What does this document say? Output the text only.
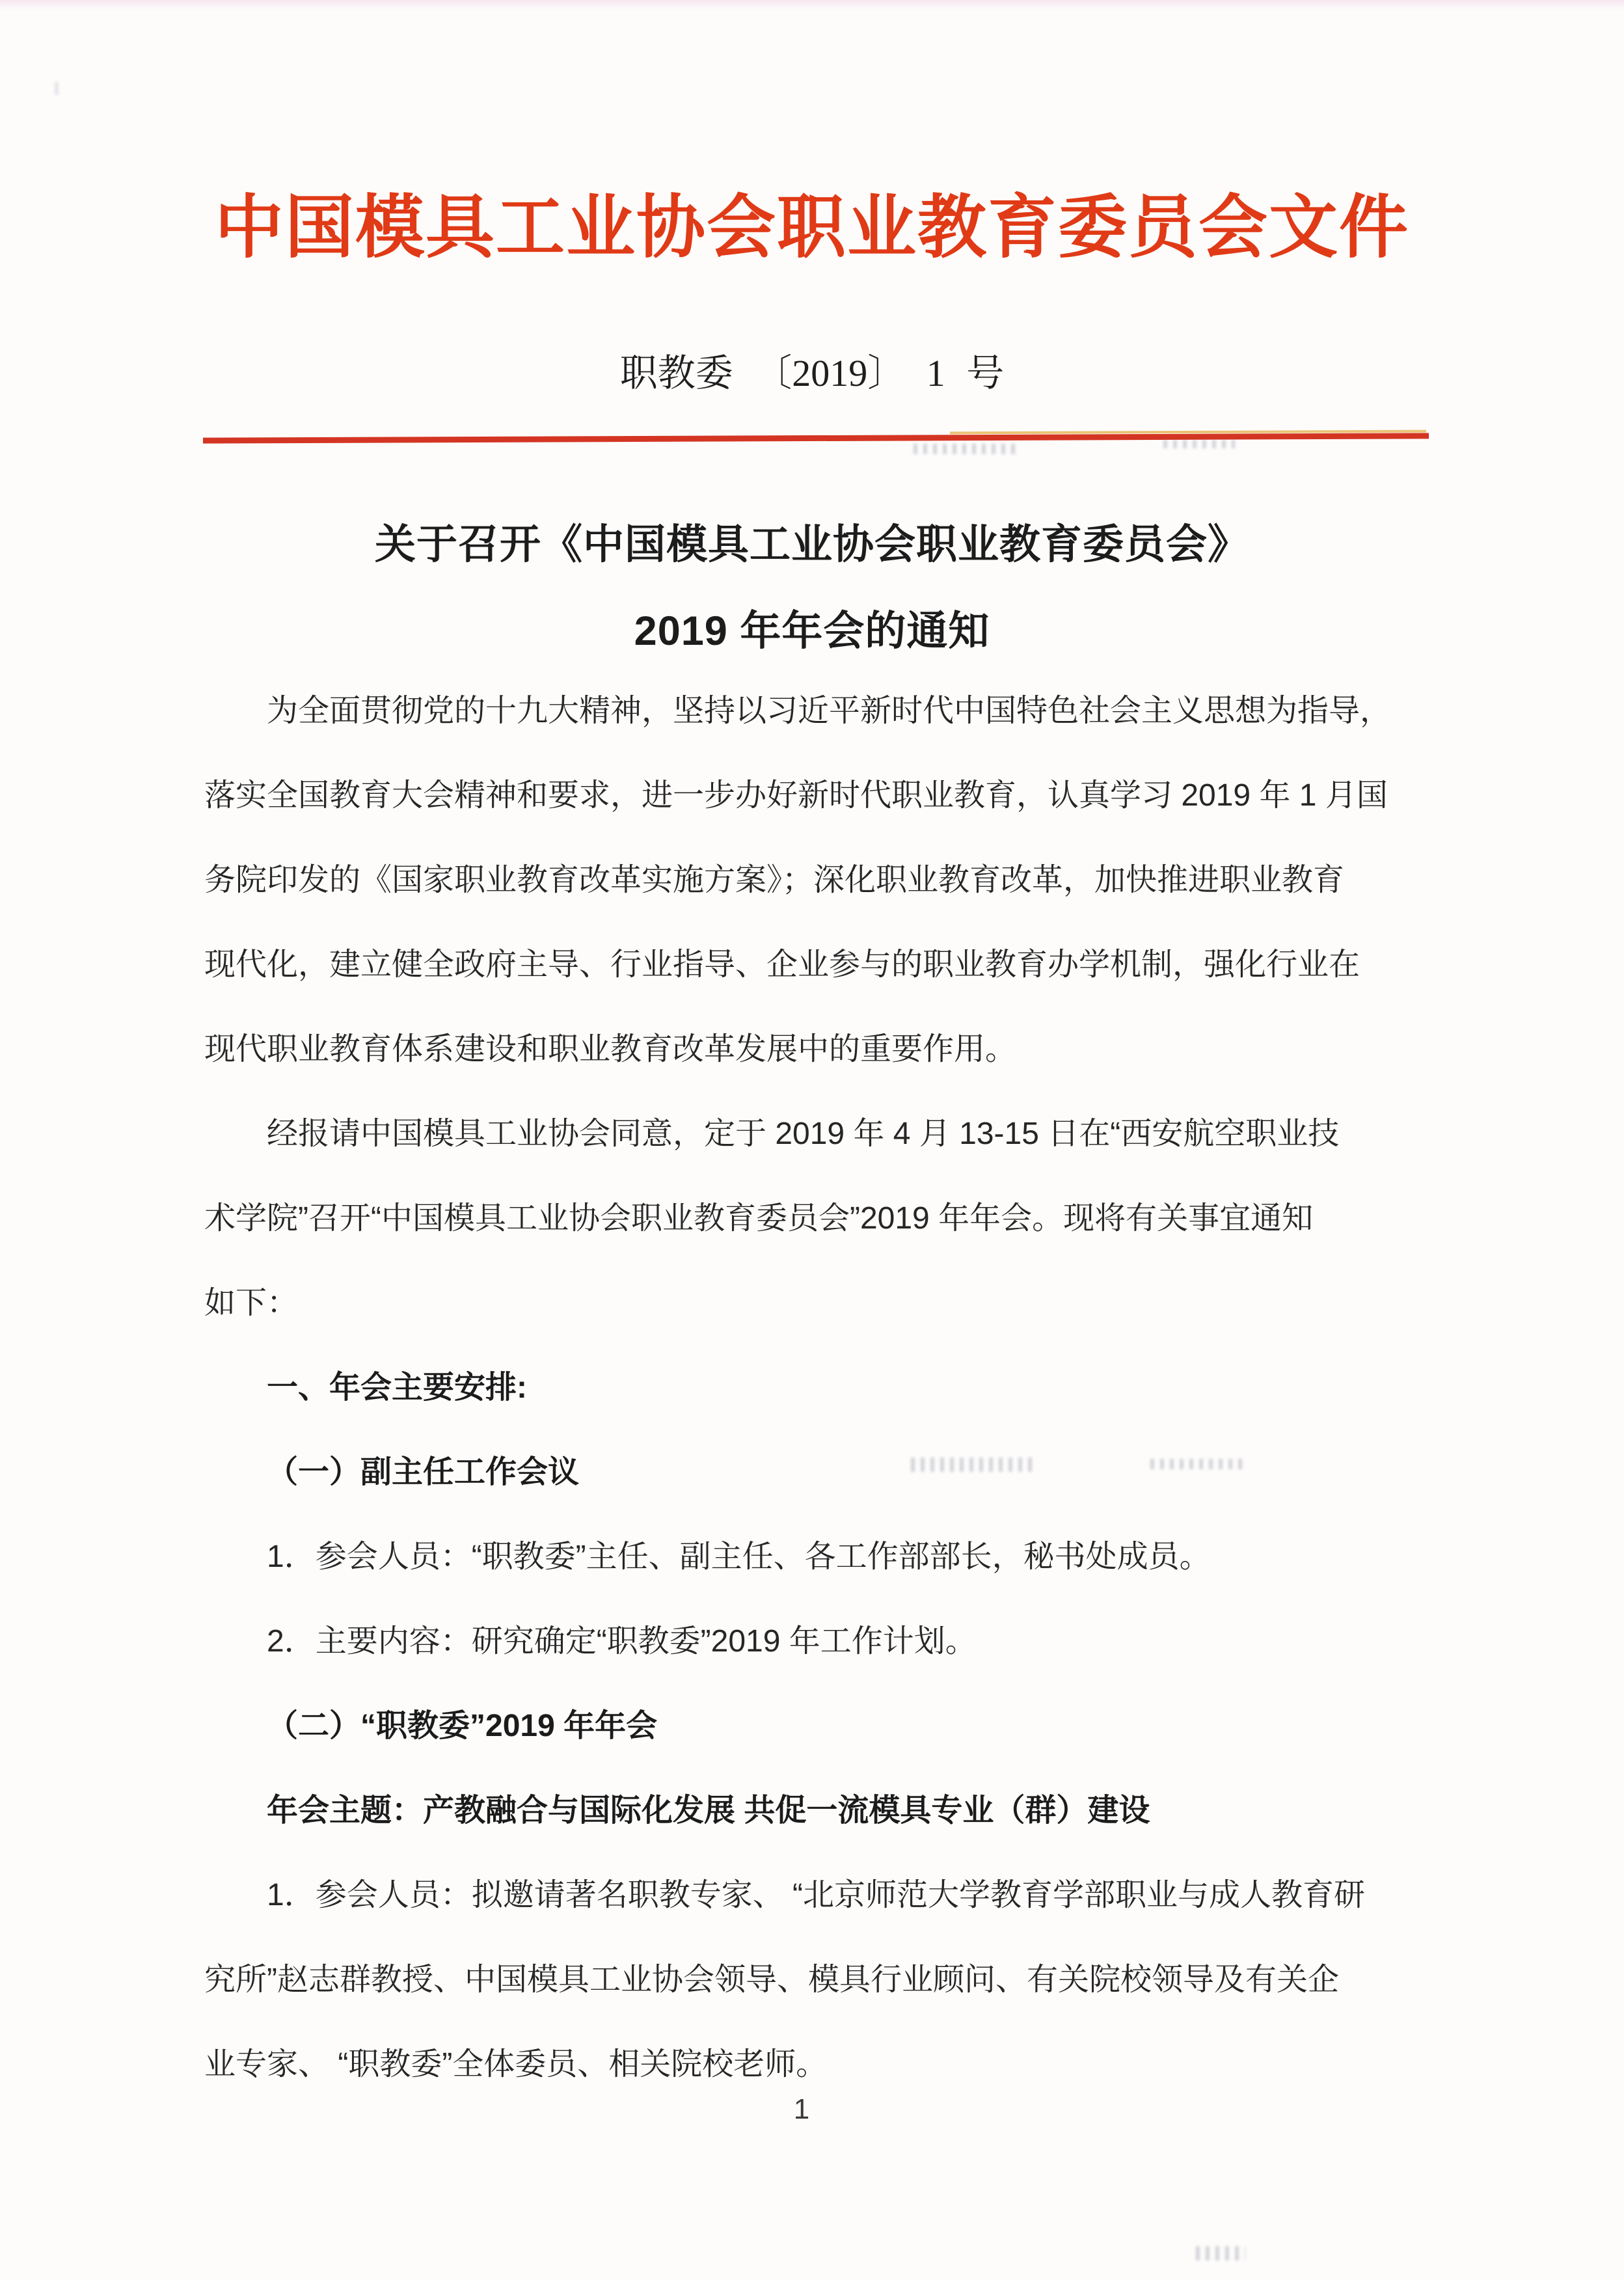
中国模具工业协会职业教育委员会文件
职教委 〔2019〕 1 号
关于召开《中国模具工业协会职业教育委员会》
2019 年年会的通知
为全面贯彻党的十九大精神，坚持以习近平新时代中国特色社会主义思想为指导，
落实全国教育大会精神和要求，进一步办好新时代职业教育，认真学习 2019 年 1 月国
务院印发的《国家职业教育改革实施方案》；深化职业教育改革，加快推进职业教育
现代化，建立健全政府主导、行业指导、企业参与的职业教育办学机制，强化行业在
现代职业教育体系建设和职业教育改革发展中的重要作用。
经报请中国模具工业协会同意，定于 2019 年 4 月 13-15 日在“西安航空职业技
术学院”召开“中国模具工业协会职业教育委员会”2019 年年会。现将有关事宜通知
如下：
一、年会主要安排:
（一）副主任工作会议
1．参会人员：“职教委”主任、副主任、各工作部部长，秘书处成员。
2．主要内容：研究确定“职教委”2019 年工作计划。
（二）“职教委”2019 年年会
年会主题：产教融合与国际化发展 共促一流模具专业（群）建设
1．参会人员：拟邀请著名职教专家、 “北京师范大学教育学部职业与成人教育研
究所”赵志群教授、中国模具工业协会领导、模具行业顾问、有关院校领导及有关企
业专家、 “职教委”全体委员、相关院校老师。
1
